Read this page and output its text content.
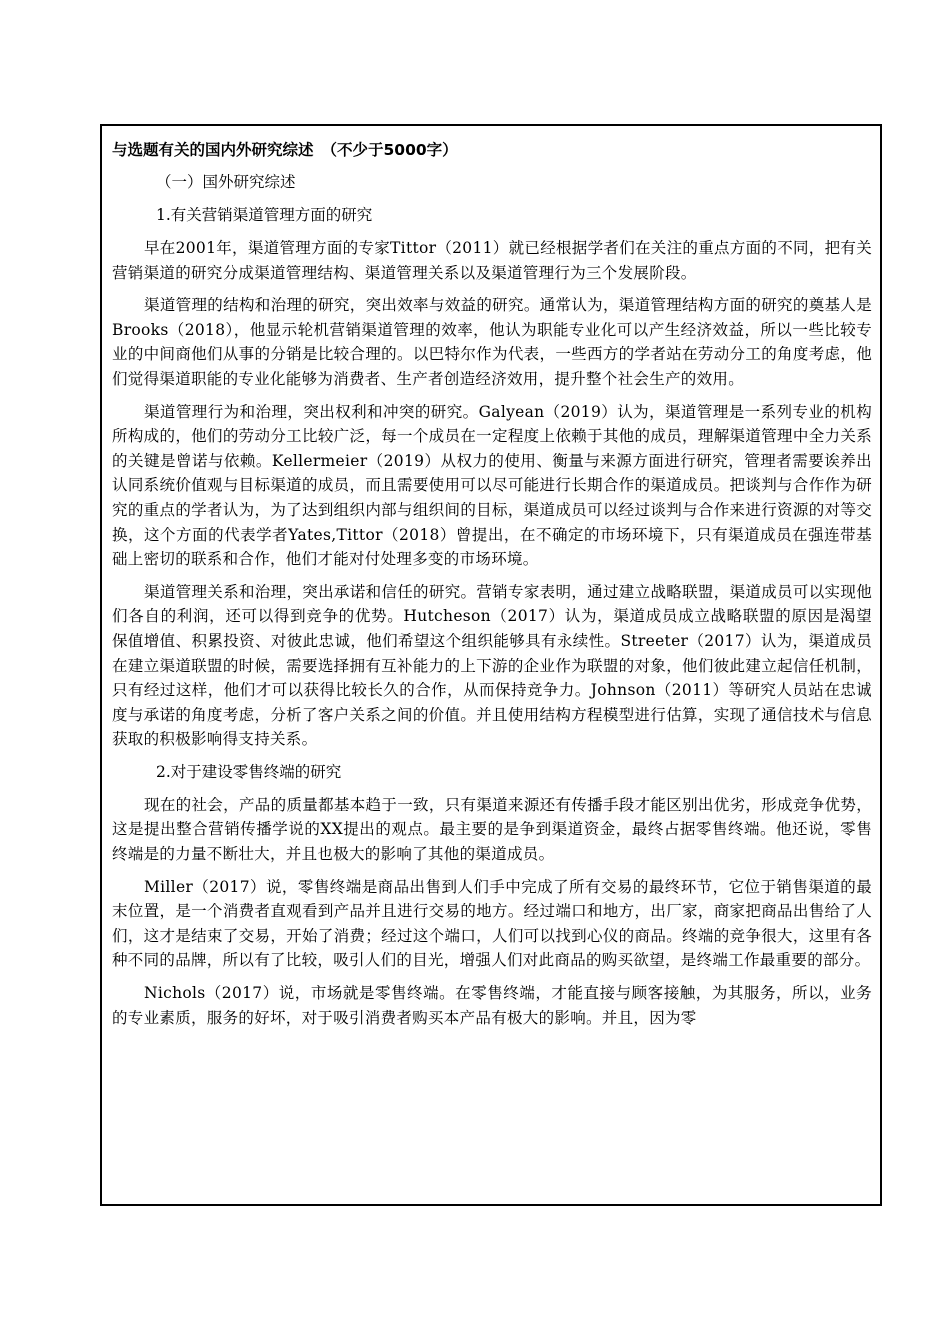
与选题有关的国内外研究综述 （不少于5000字）
（一）国外研究综述
1.有关营销渠道管理方面的研究

早在2001年，渠道管理方面的专家Tittor（2011）就已经根据学者们在关注的重点方面的不同，把有关营销渠道的研究分成渠道管理结构、渠道管理关系以及渠道管理行为三个发展阶段。

渠道管理的结构和治理的研究，突出效率与效益的研究。通常认为，渠道管理结构方面的研究的奠基人是Brooks（2018），他显示轮机营销渠道管理的效率，他认为职能专业化可以产生经济效益，所以一些比较专业的中间商他们从事的分销是比较合理的。以巴特尔作为代表，一些西方的学者站在劳动分工的角度考虑，他们觉得渠道职能的专业化能够为消费者、生产者创造经济效用，提升整个社会生产的效用。

渠道管理行为和治理，突出权利和冲突的研究。Galyean（2019）认为，渠道管理是一系列专业的机构所构成的，他们的劳动分工比较广泛，每一个成员在一定程度上依赖于其他的成员，理解渠道管理中全力关系的关键是曾诺与依赖。Kellermeier（2019）从权力的使用、衡量与来源方面进行研究，管理者需要诶养出认同系统价值观与目标渠道的成员，而且需要使用可以尽可能进行长期合作的渠道成员。把谈判与合作作为研究的重点的学者认为，为了达到组织内部与组织间的目标，渠道成员可以经过谈判与合作来进行资源的对等交换，这个方面的代表学者Yates,Tittor（2018）曾提出，在不确定的市场环境下，只有渠道成员在强连带基础上密切的联系和合作，他们才能对付处理多变的市场环境。

渠道管理关系和治理，突出承诺和信任的研究。营销专家表明，通过建立战略联盟，渠道成员可以实现他们各自的利润，还可以得到竞争的优势。Hutcheson（2017）认为，渠道成员成立战略联盟的原因是渴望保值增值、积累投资、对彼此忠诚，他们希望这个组织能够具有永续性。Streeter（2017）认为，渠道成员在建立渠道联盟的时候，需要选择拥有互补能力的上下游的企业作为联盟的对象，他们彼此建立起信任机制，只有经过这样，他们才可以获得比较长久的合作，从而保持竞争力。Johnson（2011）等研究人员站在忠诚度与承诺的角度考虑，分析了客户关系之间的价值。并且使用结构方程模型进行估算，实现了通信技术与信息获取的积极影响得支持关系。

2.对于建设零售终端的研究

现在的社会，产品的质量都基本趋于一致，只有渠道来源还有传播手段才能区别出优劣，形成竞争优势，这是提出整合营销传播学说的XX提出的观点。最主要的是争到渠道资金，最终占据零售终端。他还说，零售终端是的力量不断壮大，并且也极大的影响了其他的渠道成员。

Miller（2017）说，零售终端是商品出售到人们手中完成了所有交易的最终环节，它位于销售渠道的最末位置，是一个消费者直观看到产品并且进行交易的地方。经过端口和地方，出厂家，商家把商品出售给了人们，这才是结束了交易，开始了消费；经过这个端口，人们可以找到心仪的商品。终端的竞争很大，这里有各种不同的品牌，所以有了比较，吸引人们的目光，增强人们对此商品的购买欲望，是终端工作最重要的部分。

Nichols（2017）说，市场就是零售终端。在零售终端，才能直接与顾客接触，为其服务，所以，业务的专业素质，服务的好坏，对于吸引消费者购买本产品有极大的影响。并且，因为零
